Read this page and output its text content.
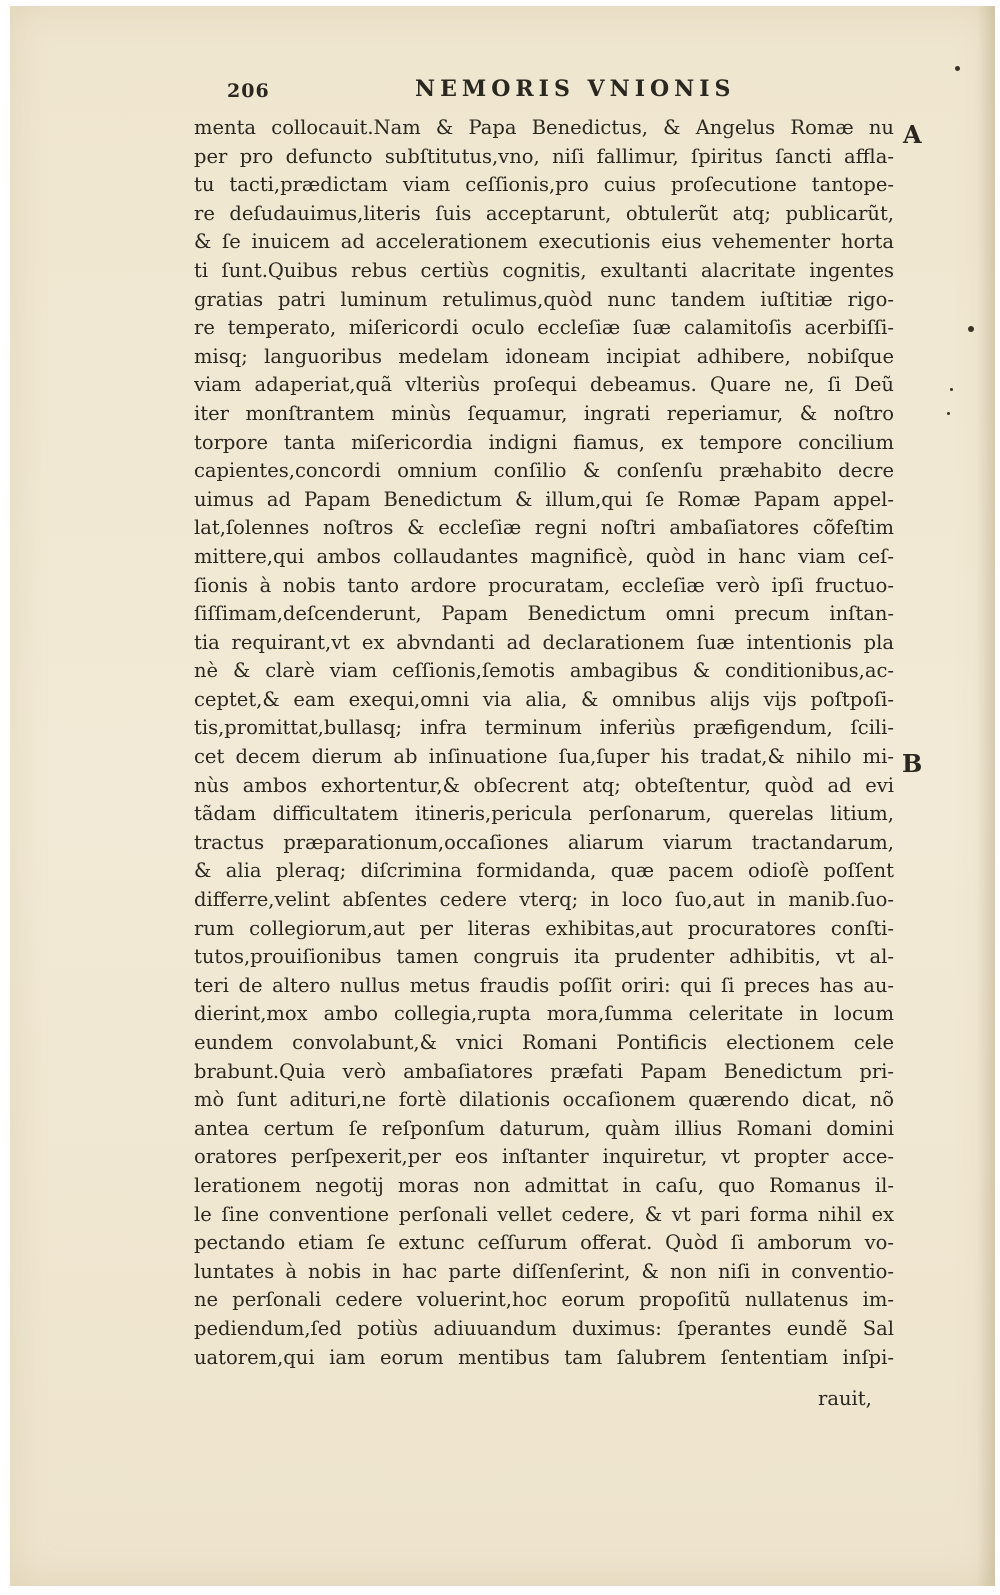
206	NEMORIS VNIONIS
A
B
menta collocauit.Nam & Papa Benedictus, & Angelus Romæ nu
per pro defuncto subſtitutus,vno, niſi fallimur, ſpiritus ſancti affla-
tu tacti,prædictam viam ceſſionis,pro cuius proſecutione tantope-
re deſudauimus,literis ſuis acceptarunt, obtulerũt atq; publicarũt,
& ſe inuicem ad accelerationem executionis eius vehementer horta
ti ſunt.Quibus rebus certiùs cognitis, exultanti alacritate ingentes
gratias patri luminum retulimus,quòd nunc tandem iuſtitiæ rigo-
re temperato, miſericordi oculo eccleſiæ ſuæ calamitoſis acerbiſſi-
misq; languoribus medelam idoneam incipiat adhibere, nobiſque
viam adaperiat,quã vlteriùs proſequi debeamus. Quare ne, ſi Deũ
iter monſtrantem minùs ſequamur, ingrati reperiamur, & noſtro
torpore tanta miſericordia indigni fiamus, ex tempore concilium
capientes,concordi omnium conſilio & conſenſu præhabito decre
uimus ad Papam Benedictum & illum,qui ſe Romæ Papam appel-
lat,ſolennes noſtros & eccleſiæ regni noſtri ambaſiatores cõfeſtim
mittere,qui ambos collaudantes magnificè, quòd in hanc viam ceſ-
ſionis à nobis tanto ardore procuratam, eccleſiæ verò ipſi fructuo-
ſiſſimam,deſcenderunt, Papam Benedictum omni precum inſtan-
tia requirant,vt ex abvndanti ad declarationem ſuæ intentionis pla
nè & clarè viam ceſſionis,ſemotis ambagibus & conditionibus,ac-
ceptet,& eam exequi,omni via alia, & omnibus alijs vijs poſtpoſi-
tis,promittat,bullasq; infra terminum inferiùs præfigendum, ſcili-
cet decem dierum ab inſinuatione ſua,ſuper his tradat,& nihilo mi-
nùs ambos exhortentur,& obſecrent atq; obteſtentur, quòd ad evi
tãdam difficultatem itineris,pericula perſonarum, querelas litium,
tractus præparationum,occaſiones aliarum viarum tractandarum,
& alia pleraq; diſcrimina formidanda, quæ pacem odioſè poſſent
differre,velint abſentes cedere vterq; in loco ſuo,aut in manib.ſuo-
rum collegiorum,aut per literas exhibitas,aut procuratores conſti-
tutos,prouiſionibus tamen congruis ita prudenter adhibitis, vt al-
teri de altero nullus metus fraudis poſſit oriri: qui ſi preces has au-
dierint,mox ambo collegia,rupta mora,ſumma celeritate in locum
eundem convolabunt,& vnici Romani Pontificis electionem cele
brabunt.Quia verò ambaſiatores præfati Papam Benedictum pri-
mò ſunt adituri,ne fortè dilationis occaſionem quærendo dicat, nõ
antea certum ſe reſponſum daturum, quàm illius Romani domini
oratores perſpexerit,per eos inſtanter inquiretur, vt propter acce-
lerationem negotij moras non admittat in caſu, quo Romanus il-
le ſine conventione perſonali vellet cedere, & vt pari forma nihil ex
pectando etiam ſe extunc ceſſurum offerat. Quòd ſi amborum vo-
luntates à nobis in hac parte diſſenſerint, & non niſi in conventio-
ne perſonali cedere voluerint,hoc eorum propoſitũ nullatenus im-
pediendum,ſed potiùs adiuuandum duximus: ſperantes eundẽ Sal
uatorem,qui iam eorum mentibus tam ſalubrem ſententiam inſpi-
rauit,
